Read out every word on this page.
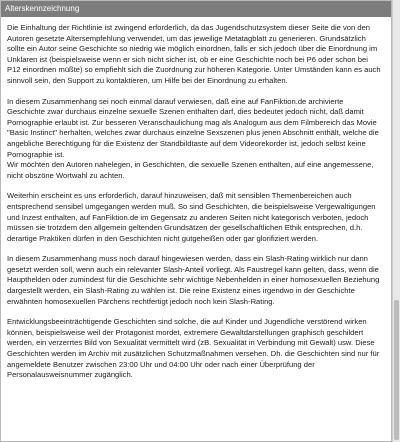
Alterskennzeichnung

Die Einhaltung der Richtlinie ist zwingend erforderlich, da das Jugendschutzsystem dieser Seite die von den Autoren gesetzte Altersempfehlung verwendet, um das jeweilige Metatagblatt zu generieren. Grundsätzlich sollte ein Autor seine Geschichte so niedrig wie möglich einordnen, falls er sich jedoch über die Einordnung im Unklaren ist (beispielsweise wenn er sich nicht sicher ist, ob er eine Geschichte noch bei P6 oder schon bei P12 einordnen müßte) so empfiehlt sich die Zuordnung zur höheren Kategorie. Unter Umständen kann es auch sinnvoll sein, den Support zu kontaktieren, um Hilfe bei der Einordnung zu erhalten.

In diesem Zusammenhang sei noch einmal darauf verwiesen, daß eine auf FanFiktion.de archivierte Geschichte zwar durchaus einzelne sexuelle Szenen enthalten darf, dies bedeutet jedoch nicht, daß damit Pornographie erlaubt ist. Zur besseren Veranschaulichung mag als Analogum aus dem Filmbereich das Movie "Basic Instinct" herhalten, welches zwar durchaus einzelne Sexszenen plus jenen Abschnitt enthält, welche die angebliche Berechtigung für die Existenz der Standbildtaste auf dem Videorekorder ist, jedoch selbst keine Pornographie ist.
Wir möchten den Autoren nahelegen, in Geschichten, die sexuelle Szenen enthalten, auf eine angemessene, nicht obszöne Wortwahl zu achten.

Weiterhin erscheint es uns erforderlich, darauf hinzuweisen, daß mit sensiblen Themenbereichen auch entsprechend sensibel umgegangen werden muß. So sind Geschichten, die beispielsweise Vergewaltigungen und Inzest enthalten, auf FanFiktion.de im Gegensatz zu anderen Seiten nicht kategorisch verboten, jedoch müssen sie trotzdem den allgemein geltenden Grundsätzen der gesellschaftlichen Ethik entsprechen, d.h. derartige Praktiken dürfen in den Geschichten nicht gutgeheißen oder gar glorifiziert werden.

In diesem Zusammenhang muss noch darauf hingewiesen werden, dass ein Slash-Rating wirklich nur dann gesetzt werden soll, wenn auch ein relevanter Slash-Anteil vorliegt. Als Faustregel kann gelten, dass, wenn die Haupthelden oder zumindest für die Geschichte sehr wichtige Nebenhelden in einer homosexuellen Beziehung dargestellt werden, ein Slash-Rating zu wählen ist. Die reine Existenz eines irgendwo in der Geschichte erwähnten homosexuellen Pärchens rechtfertigt jedoch noch kein Slash-Rating.

Entwicklungsbeeinträchtigende Geschichten sind solche, die auf Kinder und Jugendliche verstörend wirken können, beispielsweise weil der Protagonist mordet, extremere Gewaltdarstellungen graphisch geschildert werden, ein verzerrtes Bild von Sexualität vermittelt wird (zB. Sexualität in Verbindung mit Gewalt) usw. Diese Geschichten werden im Archiv mit zusätzlichen Schutzmaßnahmen versehen. Dh. die Geschichten sind nur für angemeldete Benutzer zwischen 23:00 Uhr und 04:00 Uhr oder nach einer Überprüfung der Personalausweisnummer zugänglich.
